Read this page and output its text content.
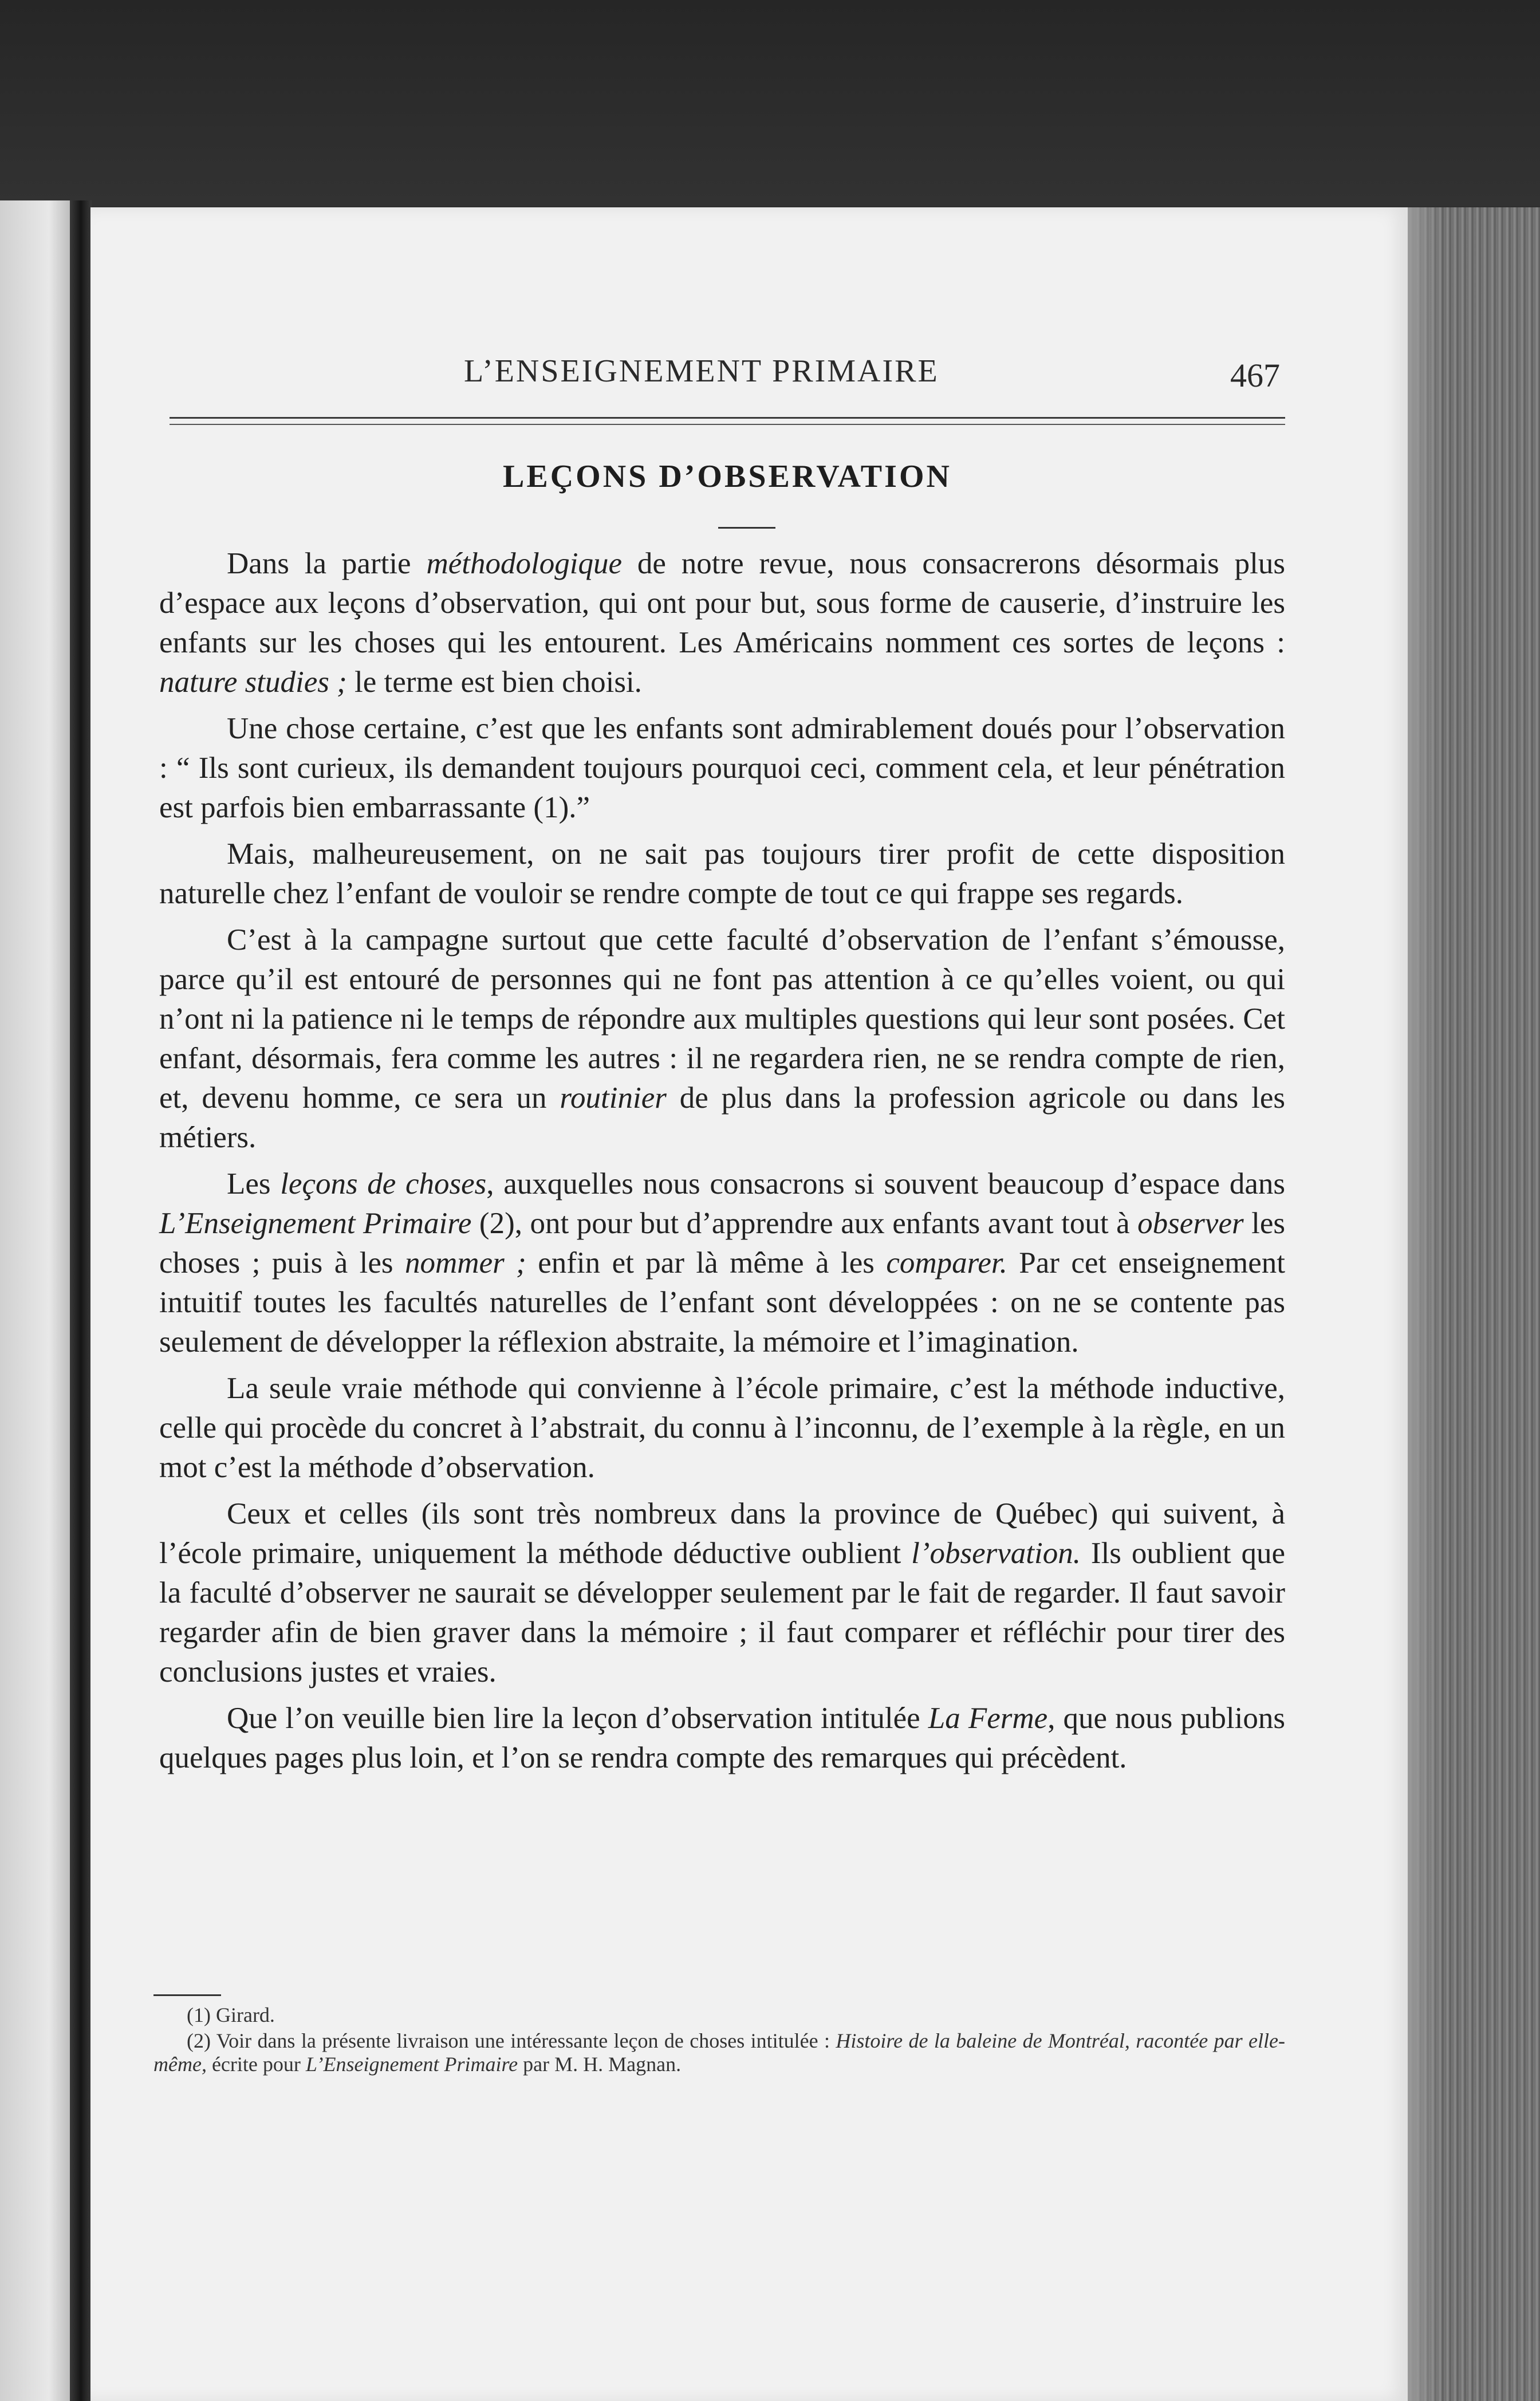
L’ENSEIGNEMENT PRIMAIRE	467
LEÇONS D’OBSERVATION

Dans la partie méthodologique de notre revue, nous consacrerons désormais plus d’espace aux leçons d’observation, qui ont pour but, sous forme de causerie, d’instruire les enfants sur les choses qui les entourent. Les Américains nomment ces sortes de leçons : nature studies ; le terme est bien choisi.

Une chose certaine, c’est que les enfants sont admirablement doués pour l’observation : “ Ils sont curieux, ils demandent toujours pourquoi ceci, comment cela, et leur pénétration est parfois bien embarrassante (1).”

Mais, malheureusement, on ne sait pas toujours tirer profit de cette disposition naturelle chez l’enfant de vouloir se rendre compte de tout ce qui frappe ses regards.

C’est à la campagne surtout que cette faculté d’observation de l’enfant s’émousse, parce qu’il est entouré de personnes qui ne font pas attention à ce qu’elles voient, ou qui n’ont ni la patience ni le temps de répondre aux multiples questions qui leur sont posées. Cet enfant, désormais, fera comme les autres : il ne regardera rien, ne se rendra compte de rien, et, devenu homme, ce sera un routinier de plus dans la profession agricole ou dans les métiers.

Les leçons de choses, auxquelles nous consacrons si souvent beaucoup d’espace dans L’Enseignement Primaire (2), ont pour but d’apprendre aux enfants avant tout à observer les choses ; puis à les nommer ; enfin et par là même à les comparer. Par cet enseignement intuitif toutes les facultés naturelles de l’enfant sont développées : on ne se contente pas seulement de développer la réflexion abstraite, la mémoire et l’imagination.

La seule vraie méthode qui convienne à l’école primaire, c’est la méthode inductive, celle qui procède du concret à l’abstrait, du connu à l’inconnu, de l’exemple à la règle, en un mot c’est la méthode d’observation.

Ceux et celles (ils sont très nombreux dans la province de Québec) qui suivent, à l’école primaire, uniquement la méthode déductive oublient l’observation. Ils oublient que la faculté d’observer ne saurait se développer seulement par le fait de regarder. Il faut savoir regarder afin de bien graver dans la mémoire ; il faut comparer et réfléchir pour tirer des conclusions justes et vraies.

Que l’on veuille bien lire la leçon d’observation intitulée La Ferme, que nous publions quelques pages plus loin, et l’on se rendra compte des remarques qui précèdent.

(1) Girard.

(2) Voir dans la présente livraison une intéressante leçon de choses intitulée : Histoire de la baleine de Montréal, racontée par elle-même, écrite pour L’Enseignement Primaire par M. H. Magnan.
